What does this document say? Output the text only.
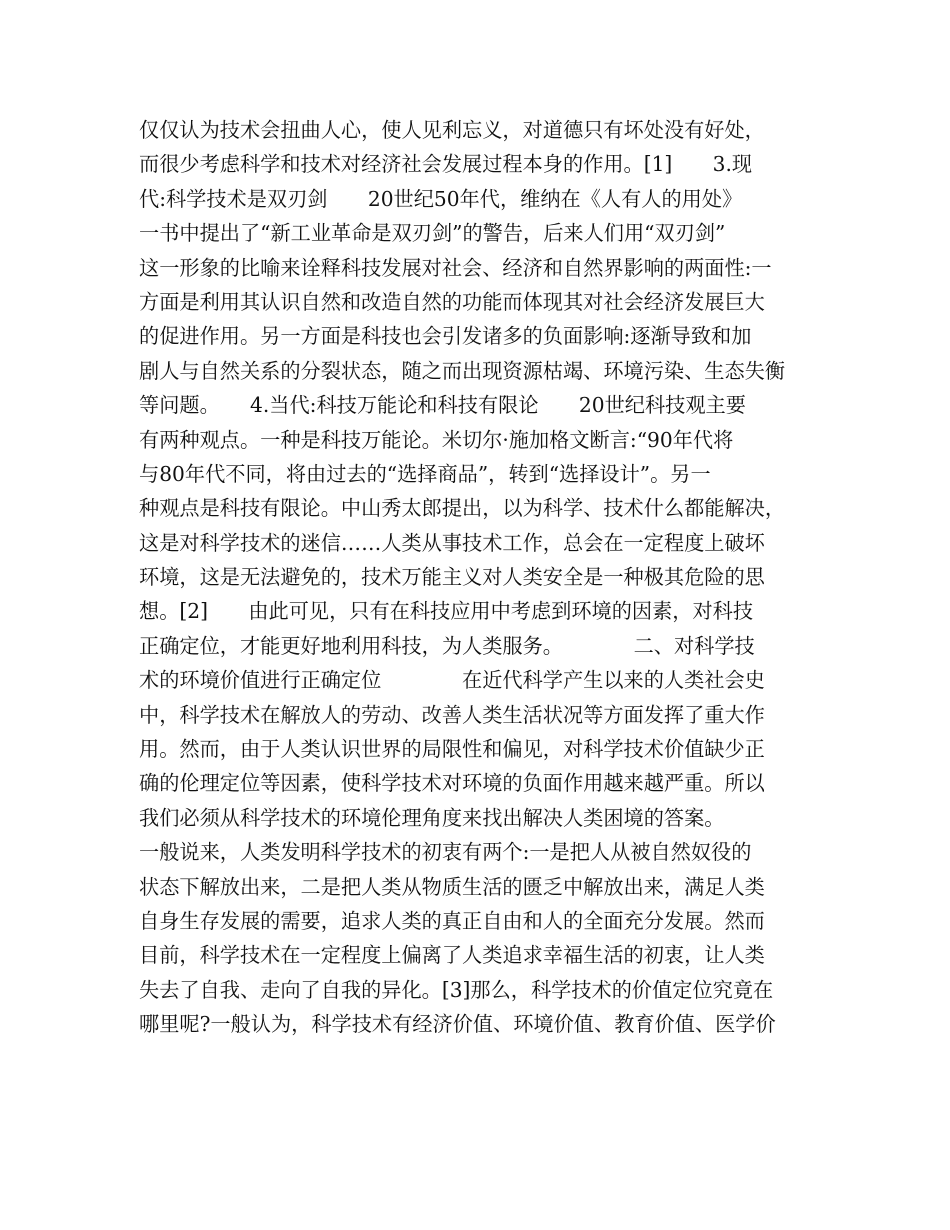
仅仅认为技术会扭曲人心，使人见利忘义，对道德只有坏处没有好处，
而很少考虑科学和技术对经济社会发展过程本身的作用。[1]　　3.现
代:科学技术是双刃剑　　20世纪50年代，维纳在《人有人的用处》
一书中提出了“新工业革命是双刃剑”的警告，后来人们用“双刃剑”
这一形象的比喻来诠释科技发展对社会、经济和自然界影响的两面性:一
方面是利用其认识自然和改造自然的功能而体现其对社会经济发展巨大
的促进作用。另一方面是科技也会引发诸多的负面影响:逐渐导致和加
剧人与自然关系的分裂状态，随之而出现资源枯竭、环境污染、生态失衡
等问题。　　4.当代:科技万能论和科技有限论　　20世纪科技观主要
有两种观点。一种是科技万能论。米切尔·施加格文断言:“90年代将
与80年代不同，将由过去的“选择商品”，转到“选择设计”。另一
种观点是科技有限论。中山秀太郎提出，以为科学、技术什么都能解决，
这是对科学技术的迷信……人类从事技术工作，总会在一定程度上破坏
环境，这是无法避免的，技术万能主义对人类安全是一种极其危险的思
想。[2]　　由此可见，只有在科技应用中考虑到环境的因素，对科技
正确定位，才能更好地利用科技，为人类服务。　　　　二、对科学技
术的环境价值进行正确定位　　　　在近代科学产生以来的人类社会史
中，科学技术在解放人的劳动、改善人类生活状况等方面发挥了重大作
用。然而，由于人类认识世界的局限性和偏见，对科学技术价值缺少正
确的伦理定位等因素，使科学技术对环境的负面作用越来越严重。所以
我们必须从科学技术的环境伦理角度来找出解决人类困境的答案。
一般说来，人类发明科学技术的初衷有两个:一是把人从被自然奴役的
状态下解放出来，二是把人类从物质生活的匮乏中解放出来，满足人类
自身生存发展的需要，追求人类的真正自由和人的全面充分发展。然而
目前，科学技术在一定程度上偏离了人类追求幸福生活的初衷，让人类
失去了自我、走向了自我的异化。[3]那么，科学技术的价值定位究竟在
哪里呢?一般认为，科学技术有经济价值、环境价值、教育价值、医学价
